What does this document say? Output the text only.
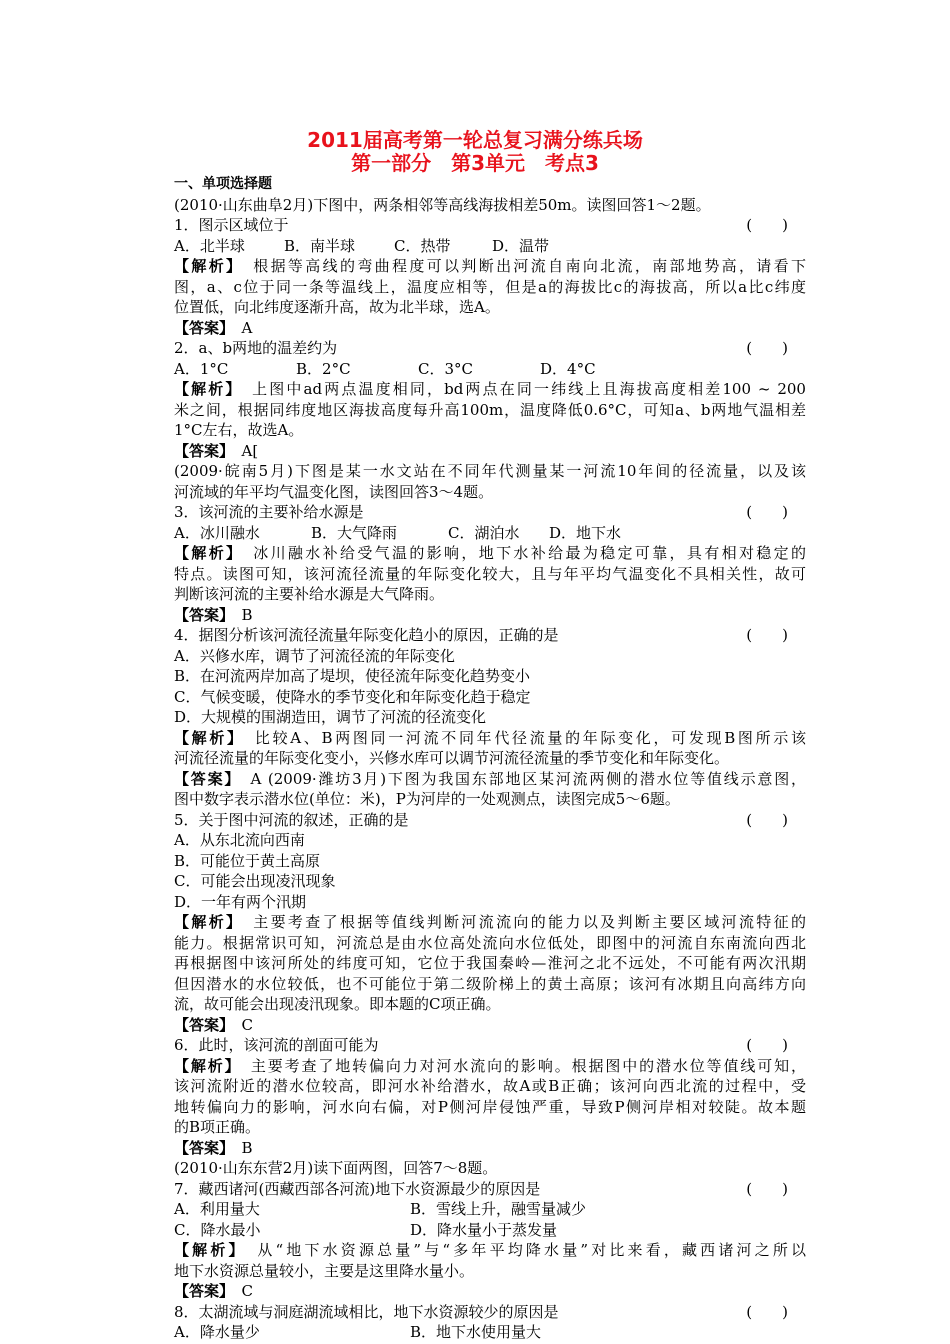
2011届高考第一轮总复习满分练兵场
第一部分　第3单元　考点3
一、单项选择题
(2010·山东曲阜2月)下图中，两条相邻等高线海拔相差50m。读图回答1～2题。
1．图示区域位于	(　　)
A．北半球	B．南半球	C．热带	D．温带
【解析】　根据等高线的弯曲程度可以判断出河流自南向北流，南部地势高，请看下
图，a、c位于同一条等温线上，温度应相等，但是a的海拔比c的海拔高，所以a比c纬度
位置低，向北纬度逐渐升高，故为北半球，选A。
【答案】　A
2．a、b两地的温差约为	(　　)
A．1°C	B．2°C	C．3°C	D．4°C
【解析】　上图中ad两点温度相同，bd两点在同一纬线上且海拔高度相差100 ~ 200
米之间，根据同纬度地区海拔高度每升高100m，温度降低0.6°C，可知a、b两地气温相差
1°C左右，故选A。
【答案】　A[
(2009·皖南5月)下图是某一水文站在不同年代测量某一河流10年间的径流量，以及该
河流域的年平均气温变化图，读图回答3～4题。
3．该河流的主要补给水源是	(　　)
A．冰川融水	B．大气降雨	C．湖泊水 D．地下水
【解析】　冰川融水补给受气温的影响，地下水补给最为稳定可靠，具有相对稳定的
特点。读图可知，该河流径流量的年际变化较大，且与年平均气温变化不具相关性，故可
判断该河流的主要补给水源是大气降雨。
【答案】　B
4．据图分析该河流径流量年际变化趋小的原因，正确的是	(　　)
A．兴修水库，调节了河流径流的年际变化
B．在河流两岸加高了堤坝，使径流年际变化趋势变小
C．气候变暖，使降水的季节变化和年际变化趋于稳定
D．大规模的围湖造田，调节了河流的径流变化
【解析】　比较A、B两图同一河流不同年代径流量的年际变化，可发现B图所示该
河流径流量的年际变化变小，兴修水库可以调节河流径流量的季节变化和年际变化。
【答案】　A (2009·潍坊3月)下图为我国东部地区某河流两侧的潜水位等值线示意图，
图中数字表示潜水位(单位：米)，P为河岸的一处观测点，读图完成5～6题。
5．关于图中河流的叙述，正确的是	(　　)
A．从东北流向西南
B．可能位于黄土高原
C．可能会出现凌汛现象
D．一年有两个汛期
【解析】　主要考查了根据等值线判断河流流向的能力以及判断主要区域河流特征的
能力。根据常识可知，河流总是由水位高处流向水位低处，即图中的河流自东南流向西北
再根据图中该河所处的纬度可知，它位于我国秦岭—淮河之北不远处，不可能有两次汛期
但因潜水的水位较低，也不可能位于第二级阶梯上的黄土高原；该河有冰期且向高纬方向
流，故可能会出现凌汛现象。即本题的C项正确。
【答案】　C
6．此时，该河流的剖面可能为	(　　)
【解析】　主要考查了地转偏向力对河水流向的影响。根据图中的潜水位等值线可知，
该河流附近的潜水位较高，即河水补给潜水，故A或B正确；该河向西北流的过程中，受
地转偏向力的影响，河水向右偏，对P侧河岸侵蚀严重，导致P侧河岸相对较陡。故本题
的B项正确。
【答案】　B
(2010·山东东营2月)读下面两图，回答7～8题。
7．藏西诸河(西藏西部各河流)地下水资源最少的原因是	(　　)
A．利用量大	B．雪线上升，融雪量减少
C．降水最小	D．降水量小于蒸发量
【解析】　从“地下水资源总量”与“多年平均降水量”对比来看，藏西诸河之所以
地下水资源总量较小，主要是这里降水量小。
【答案】　C
8．太湖流域与洞庭湖流域相比，地下水资源较少的原因是	(　　)
A．降水量少	B．地下水使用量大
